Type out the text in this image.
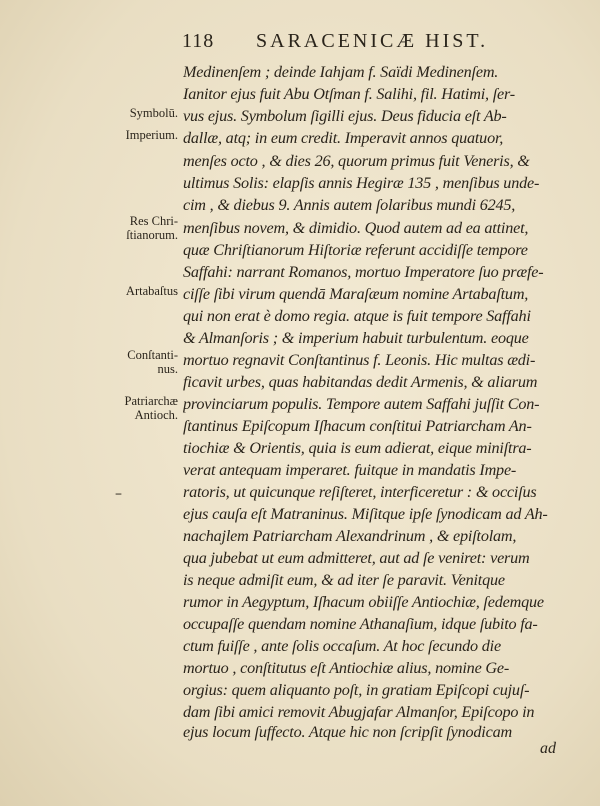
118 SARACENICÆ HIST.
Symbolū.
Imperium.
Res Chri-
ſtianorum.
Artabaſtus
Conſtanti-
nus.
Patriarchæ
Antioch.
–
Medinenſem ; deinde Iahjam f. Saïdi Medinenſem.
Ianitor ejus fuit Abu Otſman f. Salihi, fil. Hatimi, ſer-
vus ejus. Symbolum ſigilli ejus. Deus fiducia eſt Ab-
dallæ, atq; in eum credit. Imperavit annos quatuor,
menſes octo , & dies 26, quorum primus fuit Veneris, &
ultimus Solis: elapſis annis Hegiræ 135 , menſibus unde-
cim , & diebus 9. Annis autem ſolaribus mundi 6245,
menſibus novem, & dimidio. Quod autem ad ea attinet,
quæ Chriſtianorum Hiſtoriæ referunt accidiſſe tempore
Saffahi: narrant Romanos, mortuo Imperatore ſuo præfe-
ciſſe ſibi virum quendā Maraſæum nomine Artabaſtum,
qui non erat è domo regia. atque is fuit tempore Saffahi
& Almanſoris ; & imperium habuit turbulentum. eoque
mortuo regnavit Conſtantinus f. Leonis. Hic multas ædi-
ficavit urbes, quas habitandas dedit Armenis, & aliarum
provinciarum populis. Tempore autem Saffahi juſſit Con-
ſtantinus Epiſcopum Iſhacum conſtitui Patriarcham An-
tiochiæ & Orientis, quia is eum adierat, eique miniſtra-
verat antequam imperaret. fuitque in mandatis Impe-
ratoris, ut quicunque reſiſteret, interficeretur : & occiſus
ejus cauſa eſt Matraninus. Miſitque ipſe ſynodicam ad Ah-
nachajlem Patriarcham Alexandrinum , & epiſtolam,
qua jubebat ut eum admitteret, aut ad ſe veniret: verum
is neque admiſit eum, & ad iter ſe paravit. Venitque
rumor in Aegyptum, Iſhacum obiiſſe Antiochiæ, ſedemque
occupaſſe quendam nomine Athanaſium, idque ſubito fa-
ctum fuiſſe , ante ſolis occaſum. At hoc ſecundo die
mortuo , conſtitutus eſt Antiochiæ alius, nomine Ge-
orgius: quem aliquanto poſt, in gratiam Epiſcopi cujuſ-
dam ſibi amici removit Abugjafar Almanſor, Epiſcopo in
ejus locum ſuffecto. Atque hic non ſcripſit ſynodicam
ad
